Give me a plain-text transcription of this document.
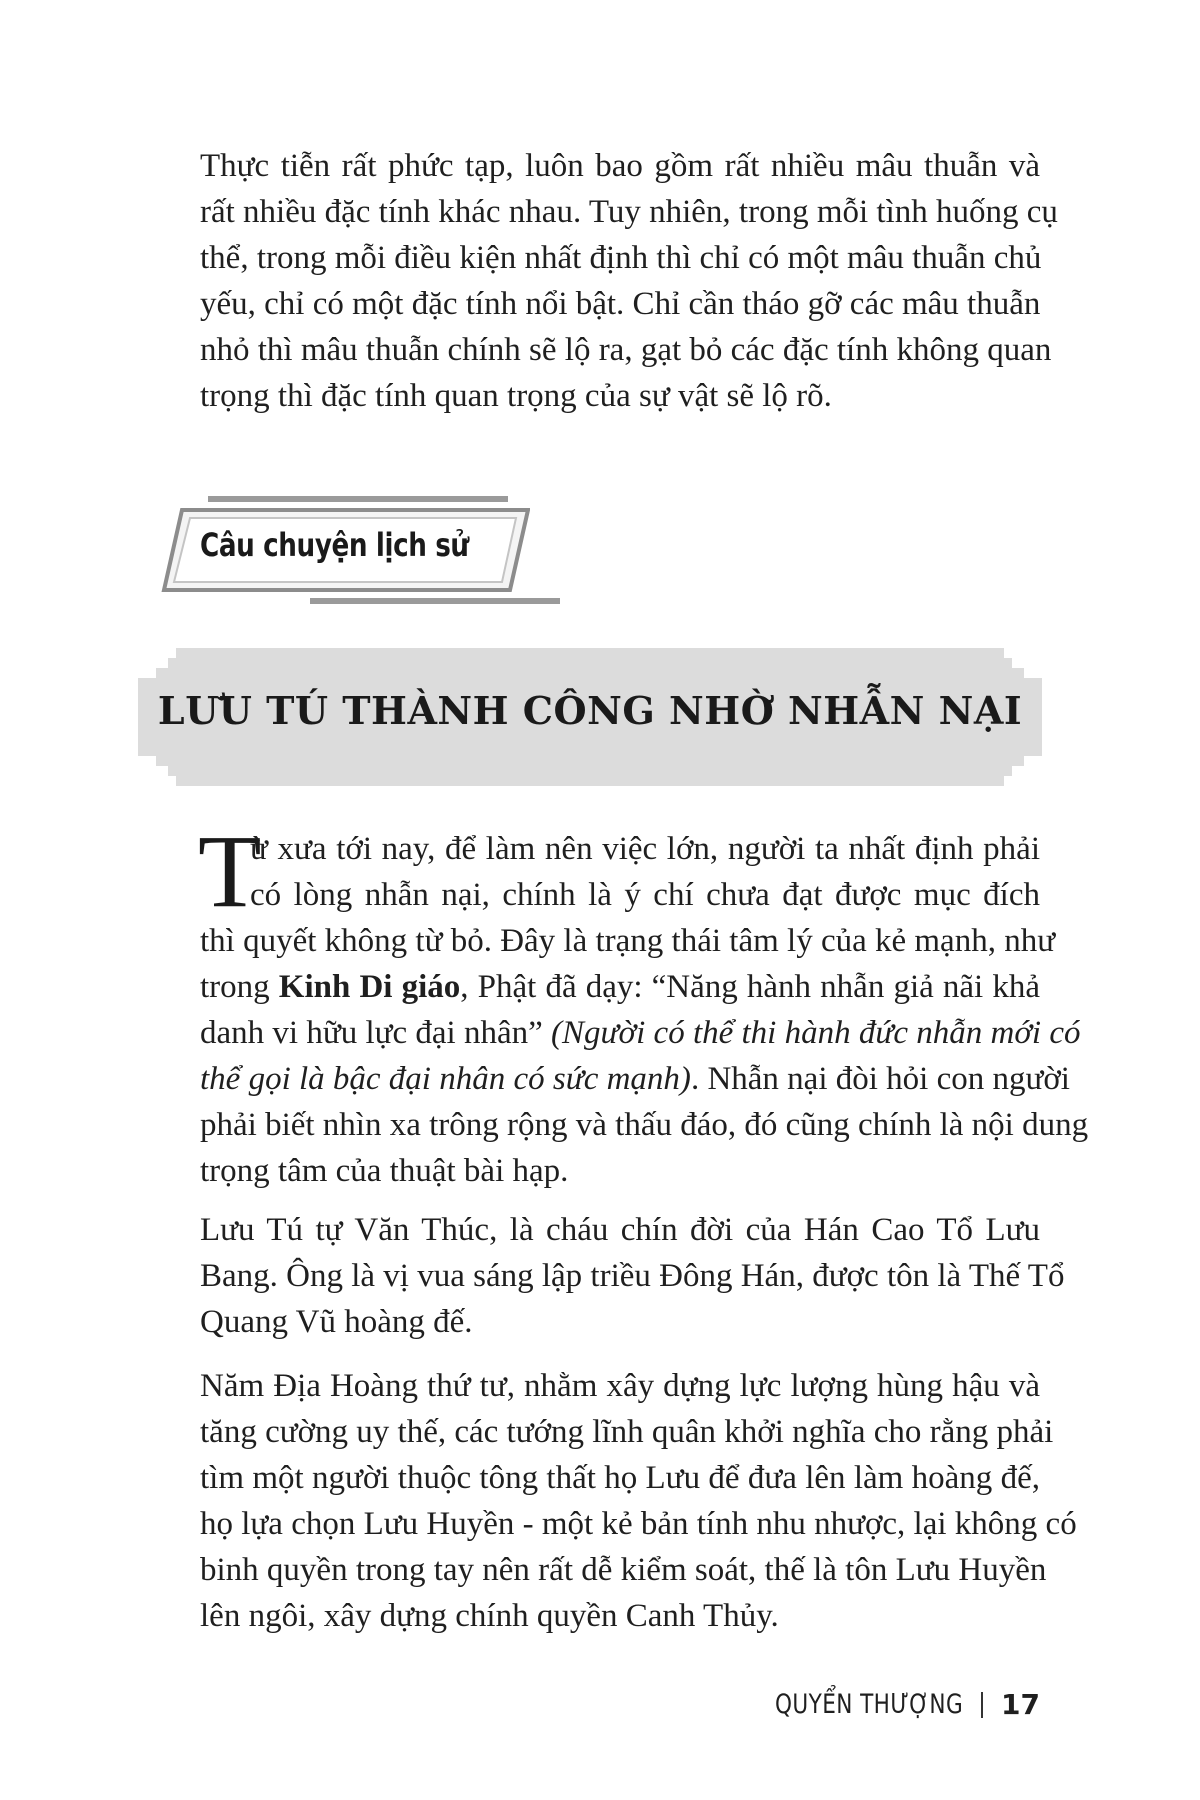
Thực tiễn rất phức tạp, luôn bao gồm rất nhiều mâu thuẫn và
rất nhiều đặc tính khác nhau. Tuy nhiên, trong mỗi tình huống cụ
thể, trong mỗi điều kiện nhất định thì chỉ có một mâu thuẫn chủ
yếu, chỉ có một đặc tính nổi bật. Chỉ cần tháo gỡ các mâu thuẫn
nhỏ thì mâu thuẫn chính sẽ lộ ra, gạt bỏ các đặc tính không quan
trọng thì đặc tính quan trọng của sự vật sẽ lộ rõ.

Câu chuyện lịch sử
LƯU TÚ THÀNH CÔNG NHỜ NHẪN NẠI
T

ừ xưa tới nay, để làm nên việc lớn, người ta nhất định phải
có lòng nhẫn nại, chính là ý chí chưa đạt được mục đích
thì quyết không từ bỏ. Đây là trạng thái tâm lý của kẻ mạnh, như
trong Kinh Di giáo, Phật đã dạy: “Năng hành nhẫn giả nãi khả
danh vi hữu lực đại nhân” (Người có thể thi hành đức nhẫn mới có
thể gọi là bậc đại nhân có sức mạnh). Nhẫn nại đòi hỏi con người
phải biết nhìn xa trông rộng và thấu đáo, đó cũng chính là nội dung
trọng tâm của thuật bài hạp.

Lưu Tú tự Văn Thúc, là cháu chín đời của Hán Cao Tổ Lưu
Bang. Ông là vị vua sáng lập triều Đông Hán, được tôn là Thế Tổ
Quang Vũ hoàng đế.

Năm Địa Hoàng thứ tư, nhằm xây dựng lực lượng hùng hậu và
tăng cường uy thế, các tướng lĩnh quân khởi nghĩa cho rằng phải
tìm một người thuộc tông thất họ Lưu để đưa lên làm hoàng đế,
họ lựa chọn Lưu Huyền - một kẻ bản tính nhu nhược, lại không có
binh quyền trong tay nên rất dễ kiểm soát, thế là tôn Lưu Huyền
lên ngôi, xây dựng chính quyền Canh Thủy.

QUYỂN THƯỢNG 17
